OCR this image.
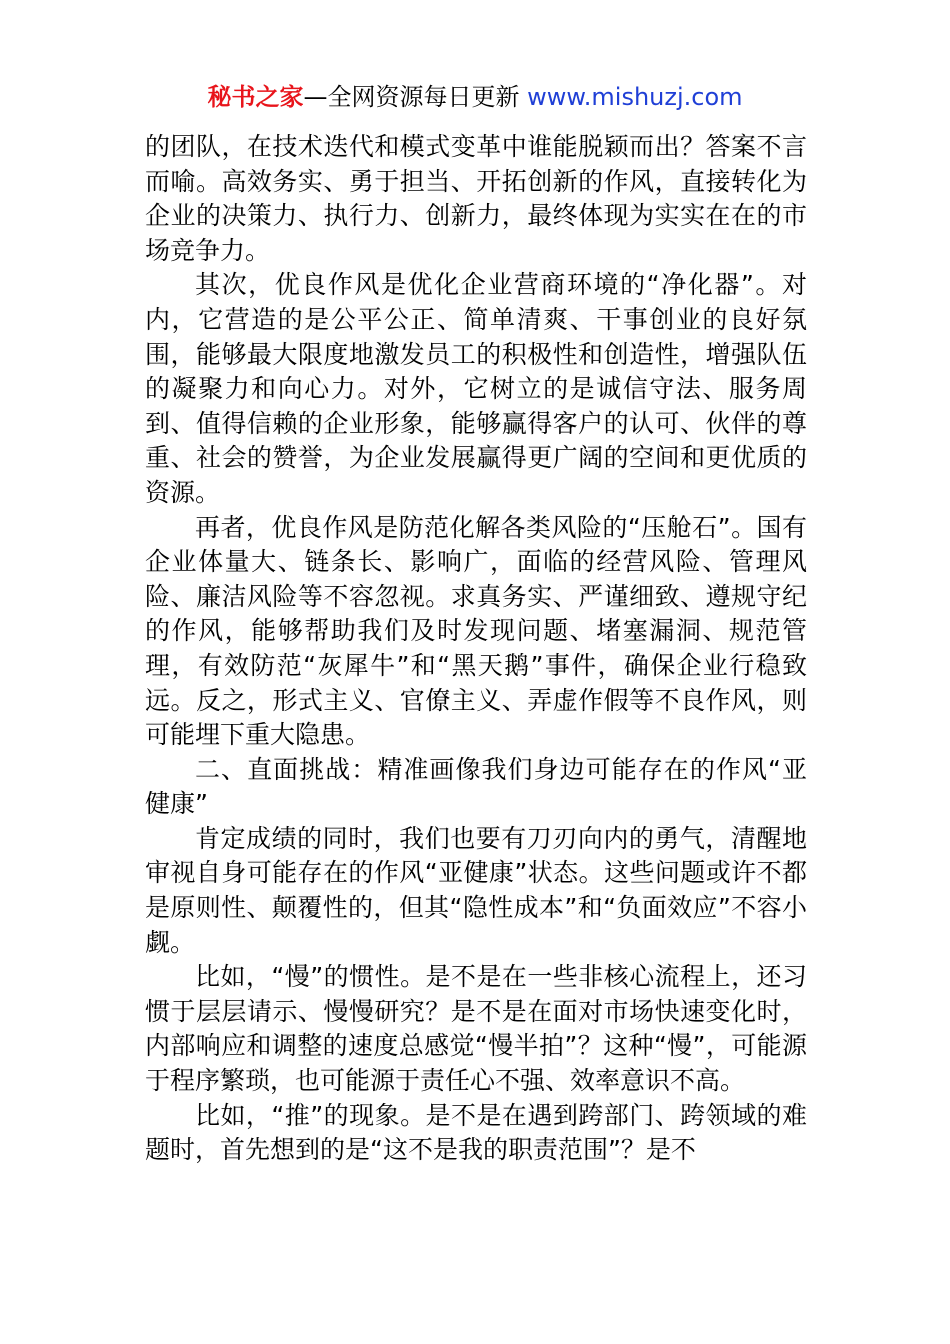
秘书之家—全网资源每日更新 www.mishuzj.com

的团队，在技术迭代和模式变革中谁能脱颖而出？答案不言而喻。高效务实、勇于担当、开拓创新的作风，直接转化为企业的决策力、执行力、创新力，最终体现为实实在在的市场竞争力。

其次，优良作风是优化企业营商环境的“净化器”。对内，它营造的是公平公正、简单清爽、干事创业的良好氛围，能够最大限度地激发员工的积极性和创造性，增强队伍的凝聚力和向心力。对外，它树立的是诚信守法、服务周到、值得信赖的企业形象，能够赢得客户的认可、伙伴的尊重、社会的赞誉，为企业发展赢得更广阔的空间和更优质的资源。

再者，优良作风是防范化解各类风险的“压舱石”。国有企业体量大、链条长、影响广，面临的经营风险、管理风险、廉洁风险等不容忽视。求真务实、严谨细致、遵规守纪的作风，能够帮助我们及时发现问题、堵塞漏洞、规范管理，有效防范“灰犀牛”和“黑天鹅”事件，确保企业行稳致远。反之，形式主义、官僚主义、弄虚作假等不良作风，则可能埋下重大隐患。

二、直面挑战：精准画像我们身边可能存在的作风“亚健康”

肯定成绩的同时，我们也要有刀刃向内的勇气，清醒地审视自身可能存在的作风“亚健康”状态。这些问题或许不都是原则性、颠覆性的，但其“隐性成本”和“负面效应”不容小觑。

比如，“慢”的惯性。是不是在一些非核心流程上，还习惯于层层请示、慢慢研究？是不是在面对市场快速变化时，内部响应和调整的速度总感觉“慢半拍”？这种“慢”，可能源于程序繁琐，也可能源于责任心不强、效率意识不高。

比如，“推”的现象。是不是在遇到跨部门、跨领域的难题时，首先想到的是“这不是我的职责范围”？是不
